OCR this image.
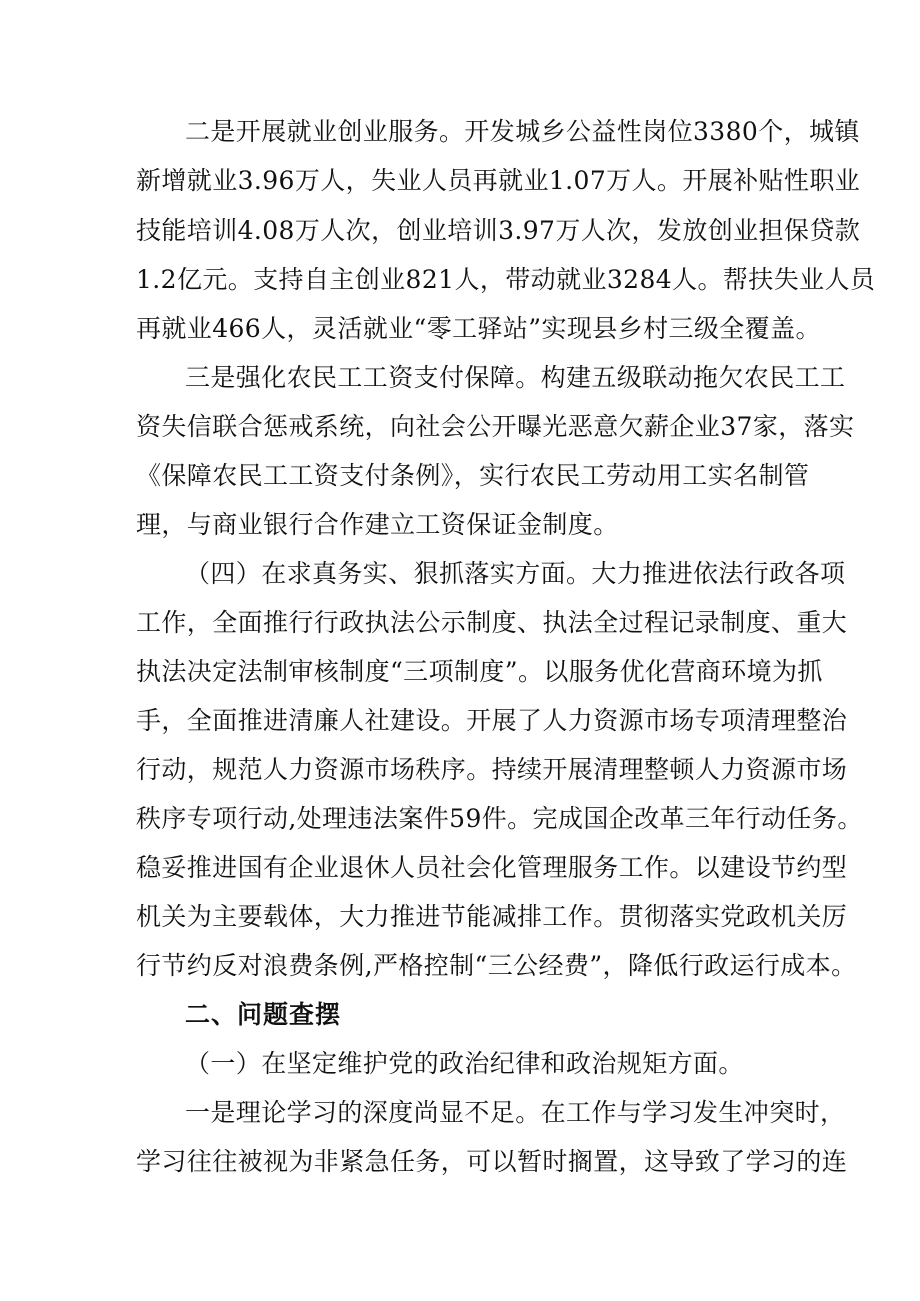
二是开展就业创业服务。开发城乡公益性岗位3380个，城镇
新增就业3.96万人，失业人员再就业1.07万人。开展补贴性职业
技能培训4.08万人次，创业培训3.97万人次，发放创业担保贷款
1.2亿元。支持自主创业821人，带动就业3284人。帮扶失业人员
再就业466人，灵活就业“零工驿站”实现县乡村三级全覆盖。
三是强化农民工工资支付保障。构建五级联动拖欠农民工工
资失信联合惩戒系统，向社会公开曝光恶意欠薪企业37家，落实
《保障农民工工资支付条例》，实行农民工劳动用工实名制管
理，与商业银行合作建立工资保证金制度。
（四）在求真务实、狠抓落实方面。大力推进依法行政各项
工作，全面推行行政执法公示制度、执法全过程记录制度、重大
执法决定法制审核制度“三项制度”。以服务优化营商环境为抓
手，全面推进清廉人社建设。开展了人力资源市场专项清理整治
行动，规范人力资源市场秩序。持续开展清理整顿人力资源市场
秩序专项行动,处理违法案件59件。完成国企改革三年行动任务。
稳妥推进国有企业退休人员社会化管理服务工作。以建设节约型
机关为主要载体，大力推进节能减排工作。贯彻落实党政机关厉
行节约反对浪费条例,严格控制“三公经费”，降低行政运行成本。
二、问题查摆
（一）在坚定维护党的政治纪律和政治规矩方面。
一是理论学习的深度尚显不足。在工作与学习发生冲突时，
学习往往被视为非紧急任务，可以暂时搁置，这导致了学习的连
